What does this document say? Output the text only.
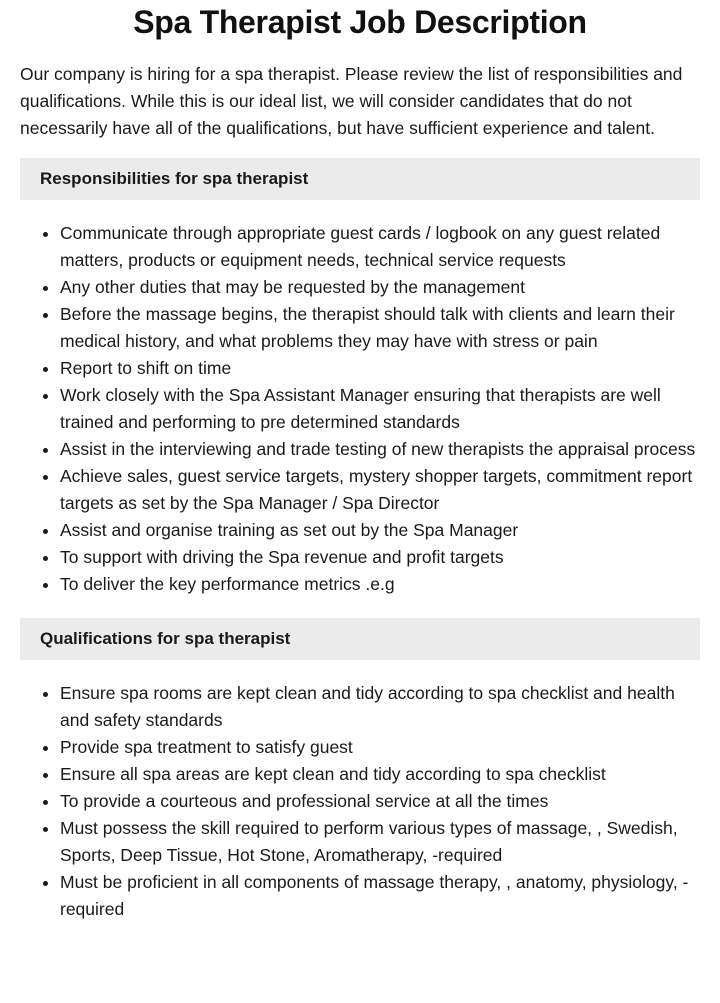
Spa Therapist Job Description

Our company is hiring for a spa therapist. Please review the list of responsibilities and qualifications. While this is our ideal list, we will consider candidates that do not necessarily have all of the qualifications, but have sufficient experience and talent.

Responsibilities for spa therapist
• Communicate through appropriate guest cards / logbook on any guest related matters, products or equipment needs, technical service requests
• Any other duties that may be requested by the management
• Before the massage begins, the therapist should talk with clients and learn their medical history, and what problems they may have with stress or pain
• Report to shift on time
• Work closely with the Spa Assistant Manager ensuring that therapists are well trained and performing to pre determined standards
• Assist in the interviewing and trade testing of new therapists the appraisal process
• Achieve sales, guest service targets, mystery shopper targets, commitment report targets as set by the Spa Manager / Spa Director
• Assist and organise training as set out by the Spa Manager
• To support with driving the Spa revenue and profit targets
• To deliver the key performance metrics .e.g
Qualifications for spa therapist
• Ensure spa rooms are kept clean and tidy according to spa checklist and health and safety standards
• Provide spa treatment to satisfy guest
• Ensure all spa areas are kept clean and tidy according to spa checklist
• To provide a courteous and professional service at all the times
• Must possess the skill required to perform various types of massage, , Swedish, Sports, Deep Tissue, Hot Stone, Aromatherapy, -required
• Must be proficient in all components of massage therapy, , anatomy, physiology, -required
